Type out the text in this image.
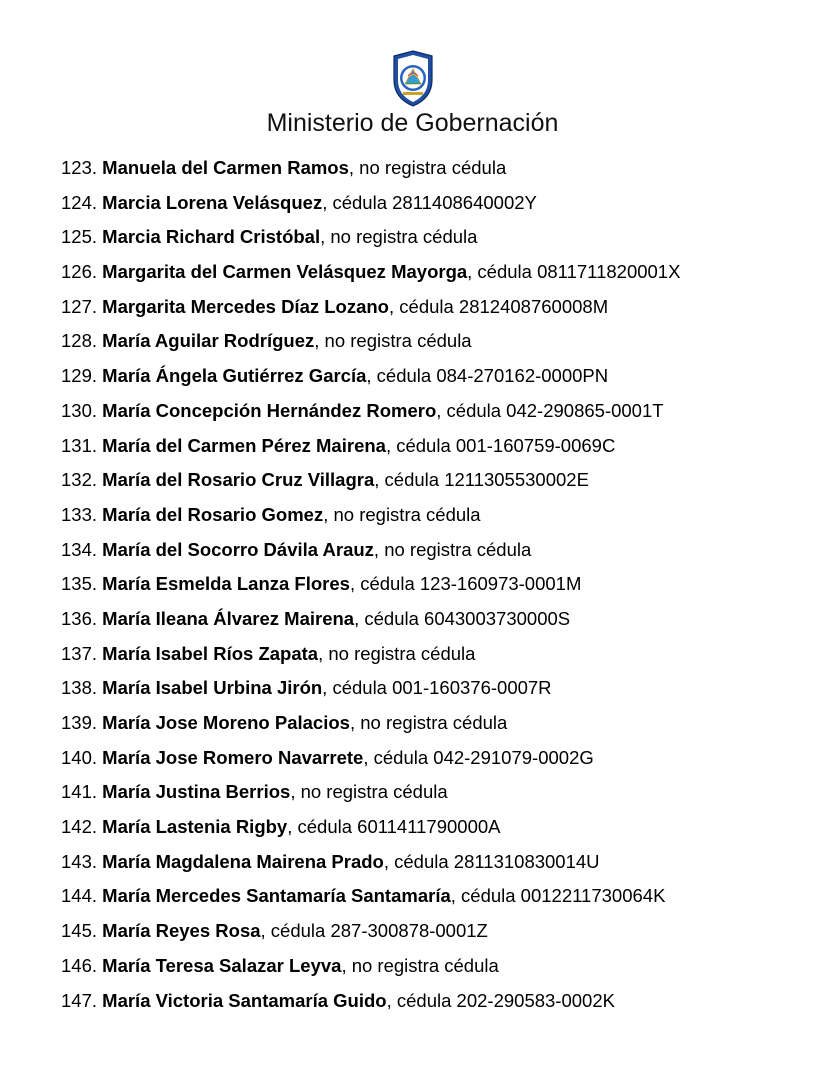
Ministerio de Gobernación
123. Manuela del Carmen Ramos, no registra cédula
124. Marcia Lorena Velásquez, cédula 2811408640002Y
125. Marcia Richard Cristóbal, no registra cédula
126. Margarita del Carmen Velásquez Mayorga, cédula 0811711820001X
127. Margarita Mercedes Díaz Lozano, cédula 2812408760008M
128. María Aguilar Rodríguez, no registra cédula
129. María Ángela Gutiérrez García, cédula 084-270162-0000PN
130. María Concepción Hernández Romero, cédula 042-290865-0001T
131. María del Carmen Pérez Mairena, cédula 001-160759-0069C
132. María del Rosario Cruz Villagra, cédula 1211305530002E
133. María del Rosario Gomez, no registra cédula
134. María del Socorro Dávila Arauz, no registra cédula
135. María Esmelda Lanza Flores, cédula 123-160973-0001M
136. María Ileana Álvarez Mairena, cédula 6043003730000S
137. María Isabel Ríos Zapata, no registra cédula
138. María Isabel Urbina Jirón, cédula 001-160376-0007R
139. María Jose Moreno Palacios, no registra cédula
140. María Jose Romero Navarrete, cédula 042-291079-0002G
141. María Justina Berrios, no registra cédula
142. María Lastenia Rigby, cédula 6011411790000A
143. María Magdalena Mairena Prado, cédula 2811310830014U
144. María Mercedes Santamaría Santamaría, cédula 0012211730064K
145. María Reyes Rosa, cédula 287-300878-0001Z
146. María Teresa Salazar Leyva, no registra cédula
147. María Victoria Santamaría Guido, cédula 202-290583-0002K
